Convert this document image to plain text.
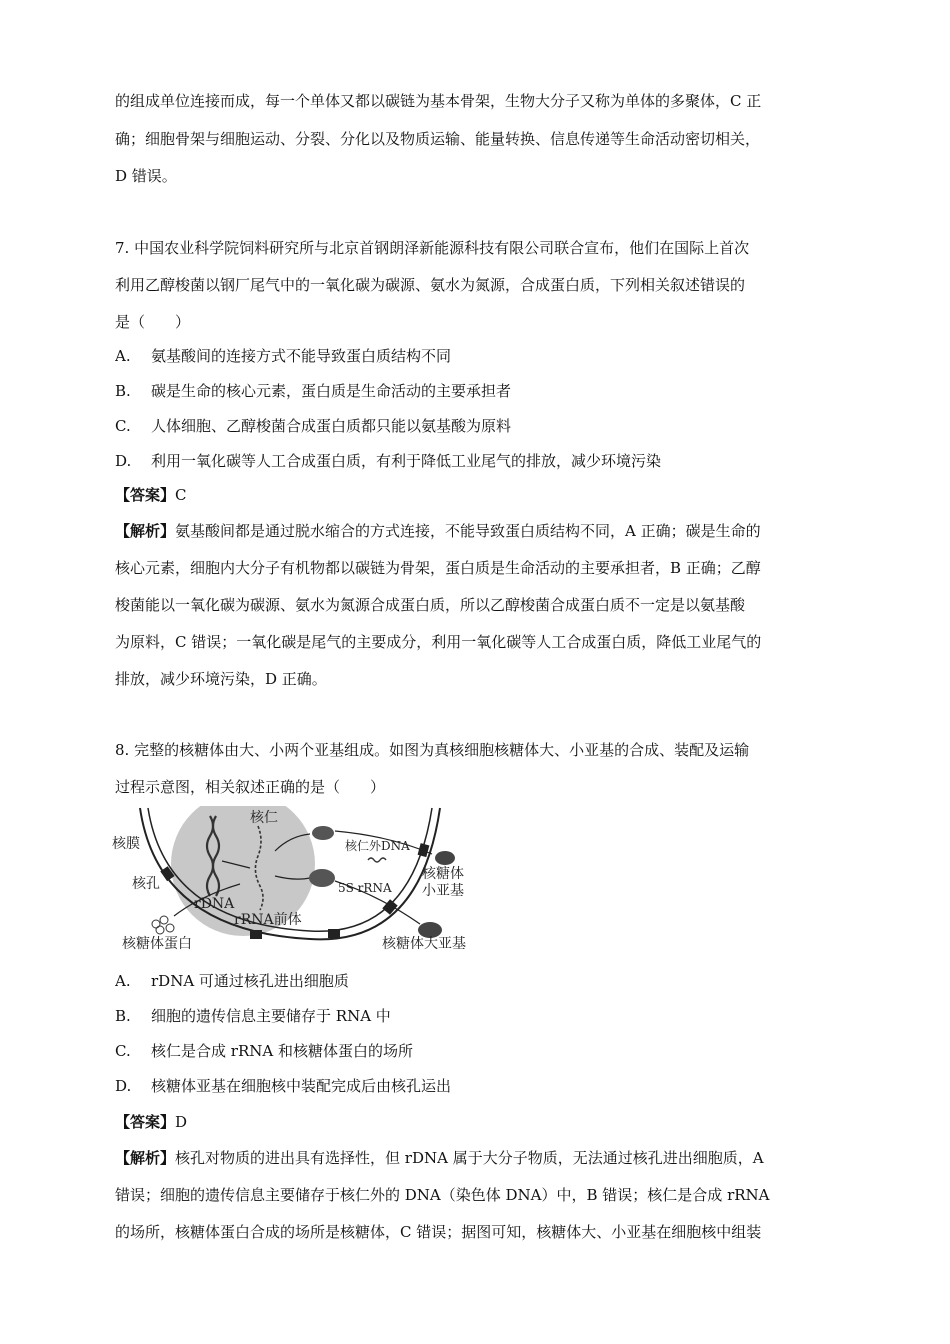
的组成单位连接而成，每一个单体又都以碳链为基本骨架，生物大分子又称为单体的多聚体，C 正
确；细胞骨架与细胞运动、分裂、分化以及物质运输、能量转换、信息传递等生命活动密切相关，
D 错误。
7. 中国农业科学院饲料研究所与北京首钢朗泽新能源科技有限公司联合宣布，他们在国际上首次
利用乙醇梭菌以钢厂尾气中的一氧化碳为碳源、氨水为氮源，合成蛋白质，下列相关叙述错误的
是（　　）
A. 氨基酸间的连接方式不能导致蛋白质结构不同
B. 碳是生命的核心元素，蛋白质是生命活动的主要承担者
C. 人体细胞、乙醇梭菌合成蛋白质都只能以氨基酸为原料
D. 利用一氧化碳等人工合成蛋白质，有利于降低工业尾气的排放，减少环境污染
【答案】C
【解析】氨基酸间都是通过脱水缩合的方式连接，不能导致蛋白质结构不同，A 正确；碳是生命的
核心元素，细胞内大分子有机物都以碳链为骨架，蛋白质是生命活动的主要承担者，B 正确；乙醇
梭菌能以一氧化碳为碳源、氨水为氮源合成蛋白质，所以乙醇梭菌合成蛋白质不一定是以氨基酸
为原料，C 错误；一氧化碳是尾气的主要成分，利用一氧化碳等人工合成蛋白质，降低工业尾气的
排放，减少环境污染，D 正确。
8. 完整的核糖体由大、小两个亚基组成。如图为真核细胞核糖体大、小亚基的合成、装配及运输
过程示意图，相关叙述正确的是（　　）
核膜
核孔
核仁
rDNA
rRNA前体
核仁外DNA
5S rRNA
核糖体
小亚基
核糖体蛋白	核糖体大亚基
A. rDNA 可通过核孔进出细胞质
B. 细胞的遗传信息主要储存于 RNA 中
C. 核仁是合成 rRNA 和核糖体蛋白的场所
D. 核糖体亚基在细胞核中装配完成后由核孔运出
【答案】D
【解析】核孔对物质的进出具有选择性，但 rDNA 属于大分子物质，无法通过核孔进出细胞质，A
错误；细胞的遗传信息主要储存于核仁外的 DNA（染色体 DNA）中，B 错误；核仁是合成 rRNA
的场所，核糖体蛋白合成的场所是核糖体，C 错误；据图可知，核糖体大、小亚基在细胞核中组装
